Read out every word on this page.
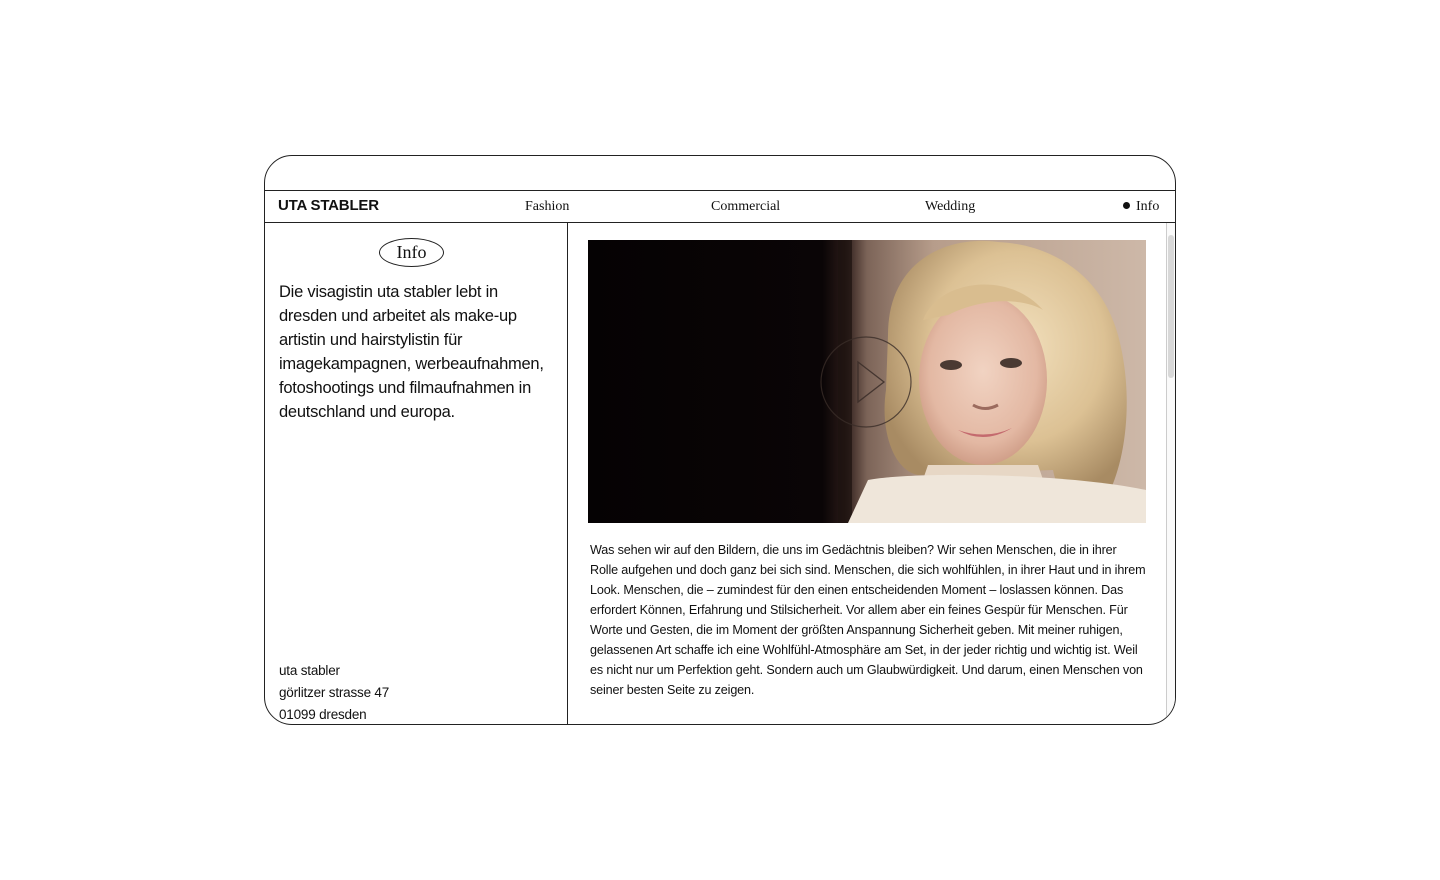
UTA STABLER	Fashion	Commercial	Wedding	Info
Info
Die visagistin uta stabler lebt in dresden und arbeitet als make-up artistin und hairstylistin für imagekampagnen, werbeaufnahmen, fotoshootings und filmaufnahmen in deutschland und europa.
uta stabler
görlitzer strasse 47
01099 dresden
Was sehen wir auf den Bildern, die uns im Gedächtnis bleiben? Wir sehen Menschen, die in ihrer Rolle aufgehen und doch ganz bei sich sind. Menschen, die sich wohlfühlen, in ihrer Haut und in ihrem Look. Menschen, die – zumindest für den einen entscheidenden Moment – loslassen können. Das erfordert Können, Erfahrung und Stilsicherheit. Vor allem aber ein feines Gespür für Menschen. Für Worte und Gesten, die im Moment der größten Anspannung Sicherheit geben. Mit meiner ruhigen, gelassenen Art schaffe ich eine Wohlfühl-Atmosphäre am Set, in der jeder richtig und wichtig ist. Weil es nicht nur um Perfektion geht. Sondern auch um Glaubwürdigkeit. Und darum, einen Menschen von seiner besten Seite zu zeigen.
